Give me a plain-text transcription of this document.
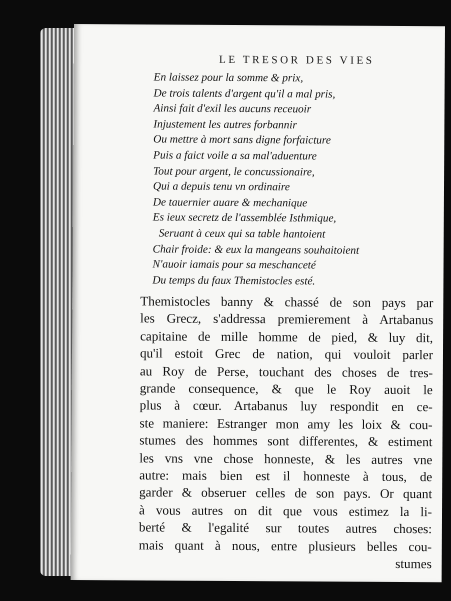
LE TRESOR DES VIES
En laissez pour la somme & prix,
De trois talents d'argent qu'il a mal pris,
Ainsi fait d'exil les aucuns receuoir
Injustement les autres forbannir
Ou mettre à mort sans digne forfaicture
Puis a faict voile a sa mal'aduenture
Tout pour argent, le concussionaire,
Qui a depuis tenu vn ordinaire
De tauernier auare & mechanique
Es ieux secretz de l'assemblée Isthmique,
Seruant à ceux qui sa table hantoient
Chair froide: & eux la mangeans souhaitoient
N'auoir iamais pour sa meschanceté
Du temps du faux Themistocles esté.
Themistocles banny & chassé de son pays par
les Grecz, s'addressa premierement à Artabanus
capitaine de mille homme de pied, & luy dit,
qu'il estoit Grec de nation, qui vouloit parler
au Roy de Perse, touchant des choses de tres-
grande consequence, & que le Roy auoit le
plus à cœur. Artabanus luy respondit en ce-
ste maniere: Estranger mon amy les loix & cou-
stumes des hommes sont differentes, & estiment
les vns vne chose honneste, & les autres vne
autre: mais bien est il honneste à tous, de
garder & obseruer celles de son pays. Or quant
à vous autres on dit que vous estimez la li-
berté & l'egalité sur toutes autres choses:
mais quant à nous, entre plusieurs belles cou-
stumes
